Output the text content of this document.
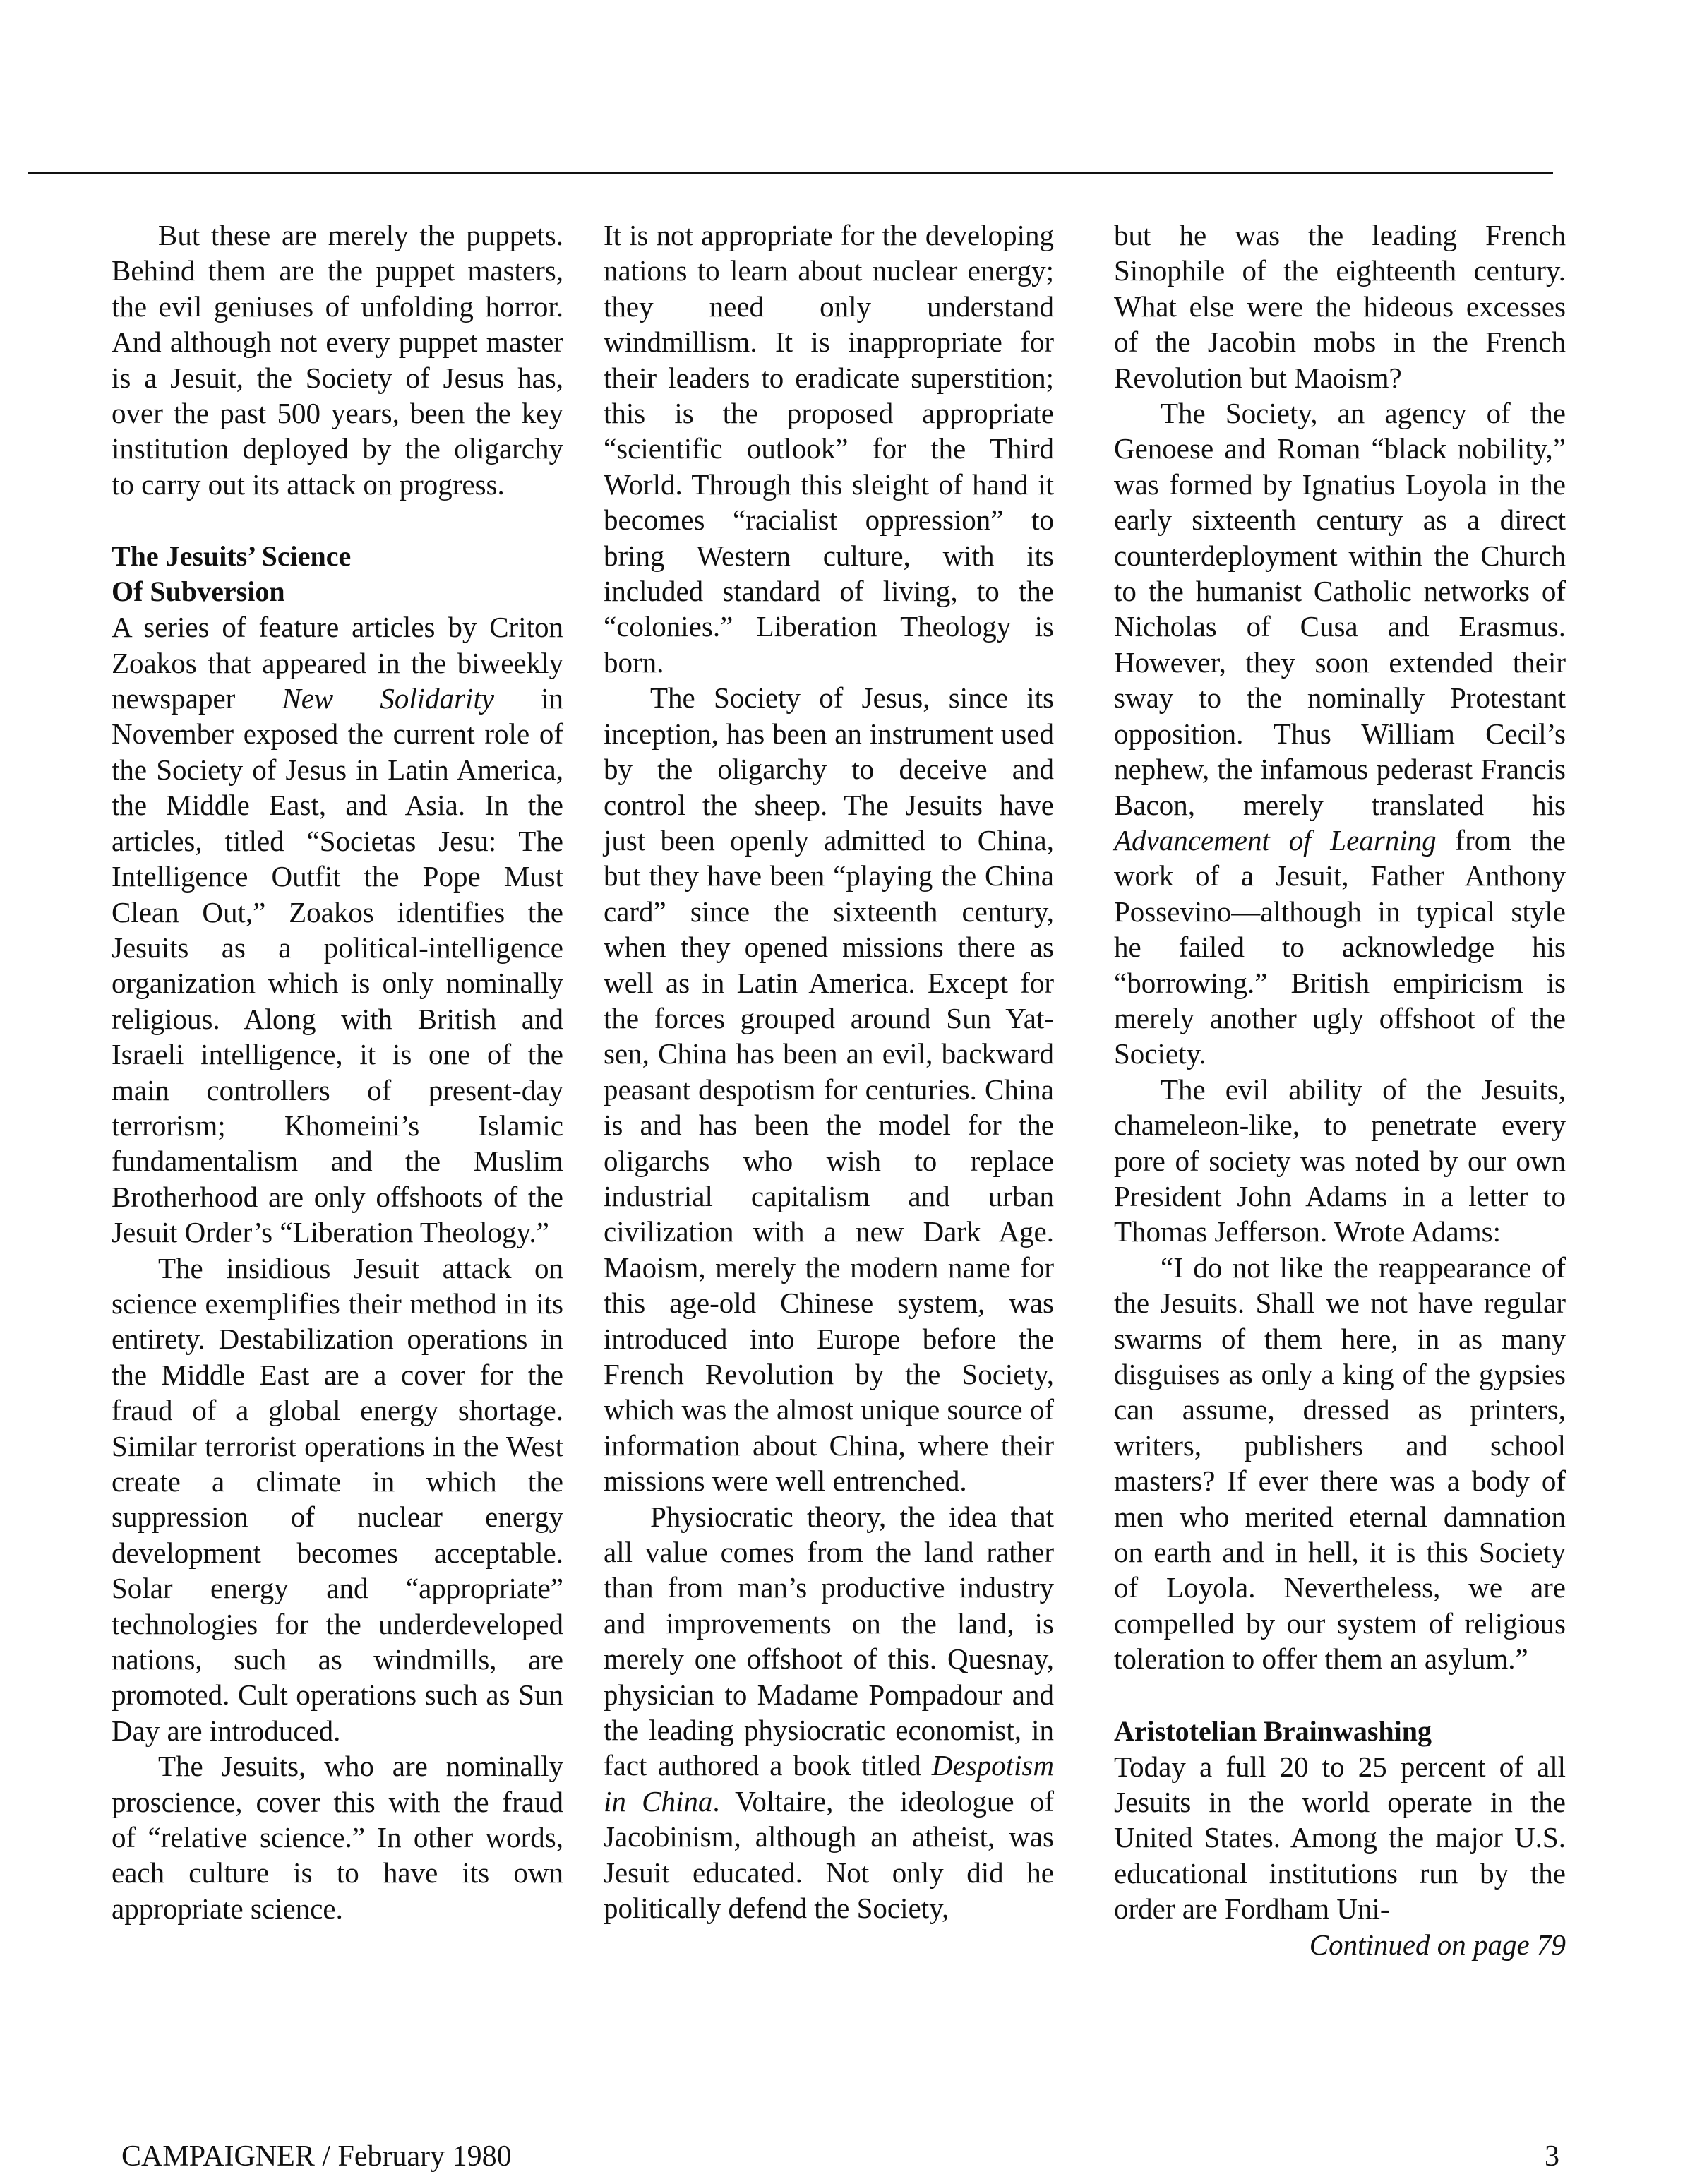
But these are merely the puppets. Behind them are the puppet masters, the evil geniuses of unfolding horror. And although not every puppet master is a Jesuit, the Society of Jesus has, over the past 500 years, been the key institution deployed by the oligarchy to carry out its attack on progress.

The Jesuits’ Science
Of Subversion

A series of feature articles by Criton Zoakos that appeared in the biweekly newspaper New Solidarity in November exposed the current role of the Society of Jesus in Latin America, the Middle East, and Asia. In the articles, titled “Societas Jesu: The Intelligence Outfit the Pope Must Clean Out,” Zoakos identifies the Jesuits as a political-intelligence organization which is only nominally religious. Along with British and Israeli intelligence, it is one of the main controllers of present-day terrorism; Khomeini’s Islamic fundamentalism and the Muslim Brotherhood are only offshoots of the Jesuit Order’s “Liberation Theology.”

The insidious Jesuit attack on science exemplifies their method in its entirety. Destabilization operations in the Middle East are a cover for the fraud of a global energy shortage. Similar terrorist operations in the West create a climate in which the suppression of nuclear energy development becomes acceptable. Solar energy and “appropriate” technologies for the underdeveloped nations, such as windmills, are promoted. Cult operations such as Sun Day are introduced.

The Jesuits, who are nominally proscience, cover this with the fraud of “relative science.” In other words, each culture is to have its own appropriate science.

It is not appropriate for the developing nations to learn about nuclear energy; they need only understand windmillism. It is inappropriate for their leaders to eradicate superstition; this is the proposed appropriate “scientific outlook” for the Third World. Through this sleight of hand it becomes “racialist oppression” to bring Western culture, with its included standard of living, to the “colonies.” Liberation Theology is born.

The Society of Jesus, since its inception, has been an instrument used by the oligarchy to deceive and control the sheep. The Jesuits have just been openly admitted to China, but they have been “playing the China card” since the sixteenth century, when they opened missions there as well as in Latin America. Except for the forces grouped around Sun Yat-sen, China has been an evil, backward peasant despotism for centuries. China is and has been the model for the oligarchs who wish to replace industrial capitalism and urban civilization with a new Dark Age. Maoism, merely the modern name for this age-old Chinese system, was introduced into Europe before the French Revolution by the Society, which was the almost unique source of information about China, where their missions were well entrenched.

Physiocratic theory, the idea that all value comes from the land rather than from man’s productive industry and improvements on the land, is merely one offshoot of this. Quesnay, physician to Madame Pompadour and the leading physiocratic economist, in fact authored a book titled Despotism in China. Voltaire, the ideologue of Jacobinism, although an atheist, was Jesuit educated. Not only did he politically defend the Society,

but he was the leading French Sinophile of the eighteenth century. What else were the hideous excesses of the Jacobin mobs in the French Revolution but Maoism?

The Society, an agency of the Genoese and Roman “black nobility,” was formed by Ignatius Loyola in the early sixteenth century as a direct counterdeployment within the Church to the humanist Catholic networks of Nicholas of Cusa and Erasmus. However, they soon extended their sway to the nominally Protestant opposition. Thus William Cecil’s nephew, the infamous pederast Francis Bacon, merely translated his Advancement of Learning from the work of a Jesuit, Father Anthony Possevino—although in typical style he failed to acknowledge his “borrowing.” British empiricism is merely another ugly offshoot of the Society.

The evil ability of the Jesuits, chameleon-like, to penetrate every pore of society was noted by our own President John Adams in a letter to Thomas Jefferson. Wrote Adams:

“I do not like the reappearance of the Jesuits. Shall we not have regular swarms of them here, in as many disguises as only a king of the gypsies can assume, dressed as printers, writers, publishers and school masters? If ever there was a body of men who merited eternal damnation on earth and in hell, it is this Society of Loyola. Nevertheless, we are compelled by our system of religious toleration to offer them an asylum.”

Aristotelian Brainwashing

Today a full 20 to 25 percent of all Jesuits in the world operate in the United States. Among the major U.S. educational institutions run by the order are Fordham Uni-

Continued on page 79

CAMPAIGNER / February 1980	3
